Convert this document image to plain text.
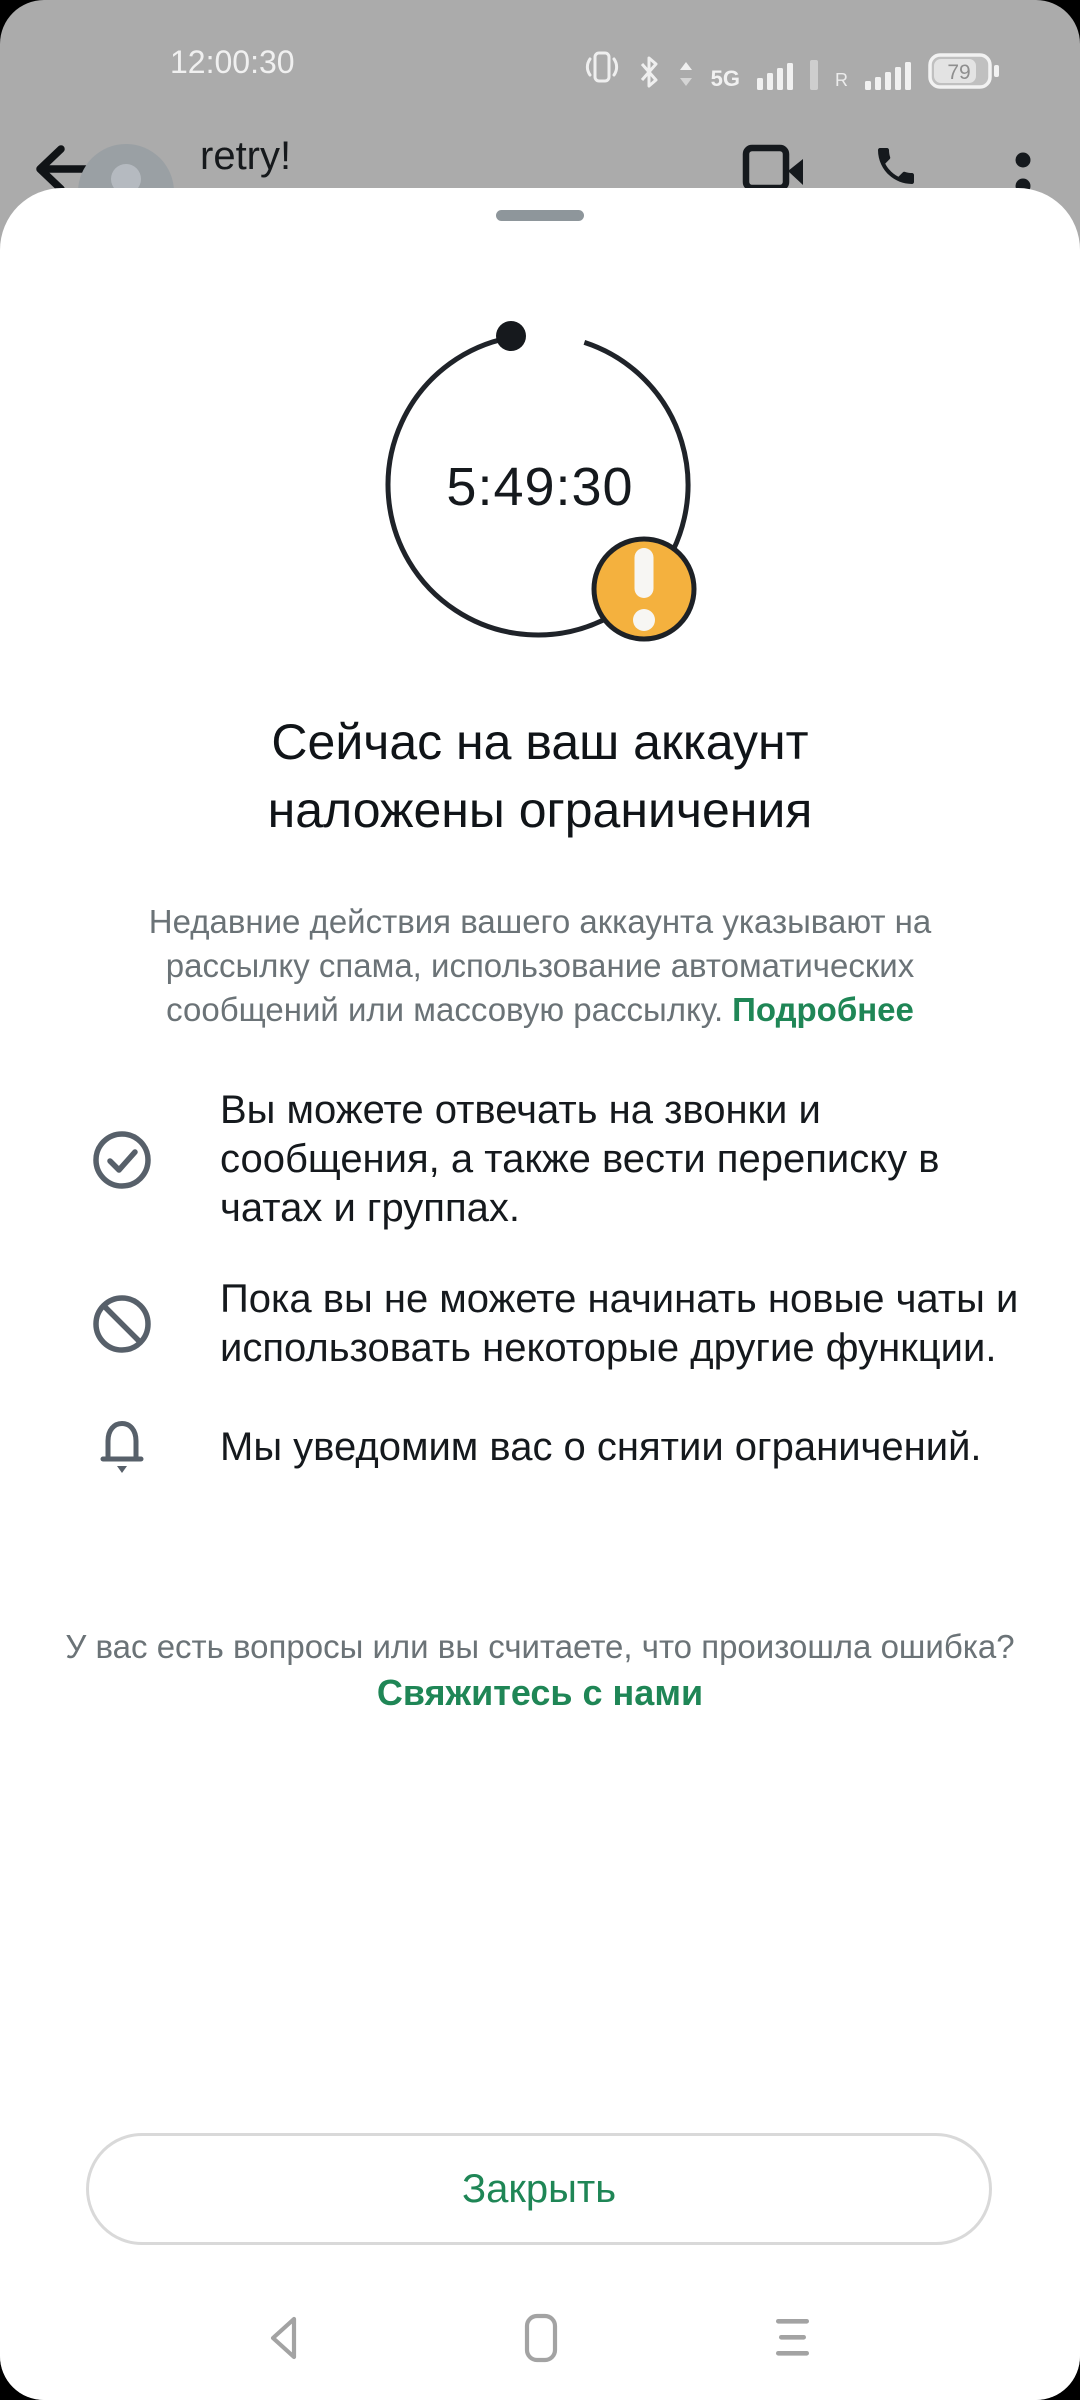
12:00:30	5G	R	79
retry!
5:49:30
Сейчас на ваш аккаунт наложены ограничения
Недавние действия вашего аккаунта указывают на рассылку спама, использование автоматических сообщений или массовую рассылку. Подробнее
Вы можете отвечать на звонки и сообщения, а также вести переписку в чатах и группах.
Пока вы не можете начинать новые чаты и использовать некоторые другие функции.
Мы уведомим вас о снятии ограничений.
У вас есть вопросы или вы считаете, что произошла ошибка?
Свяжитесь с нами
Закрыть
